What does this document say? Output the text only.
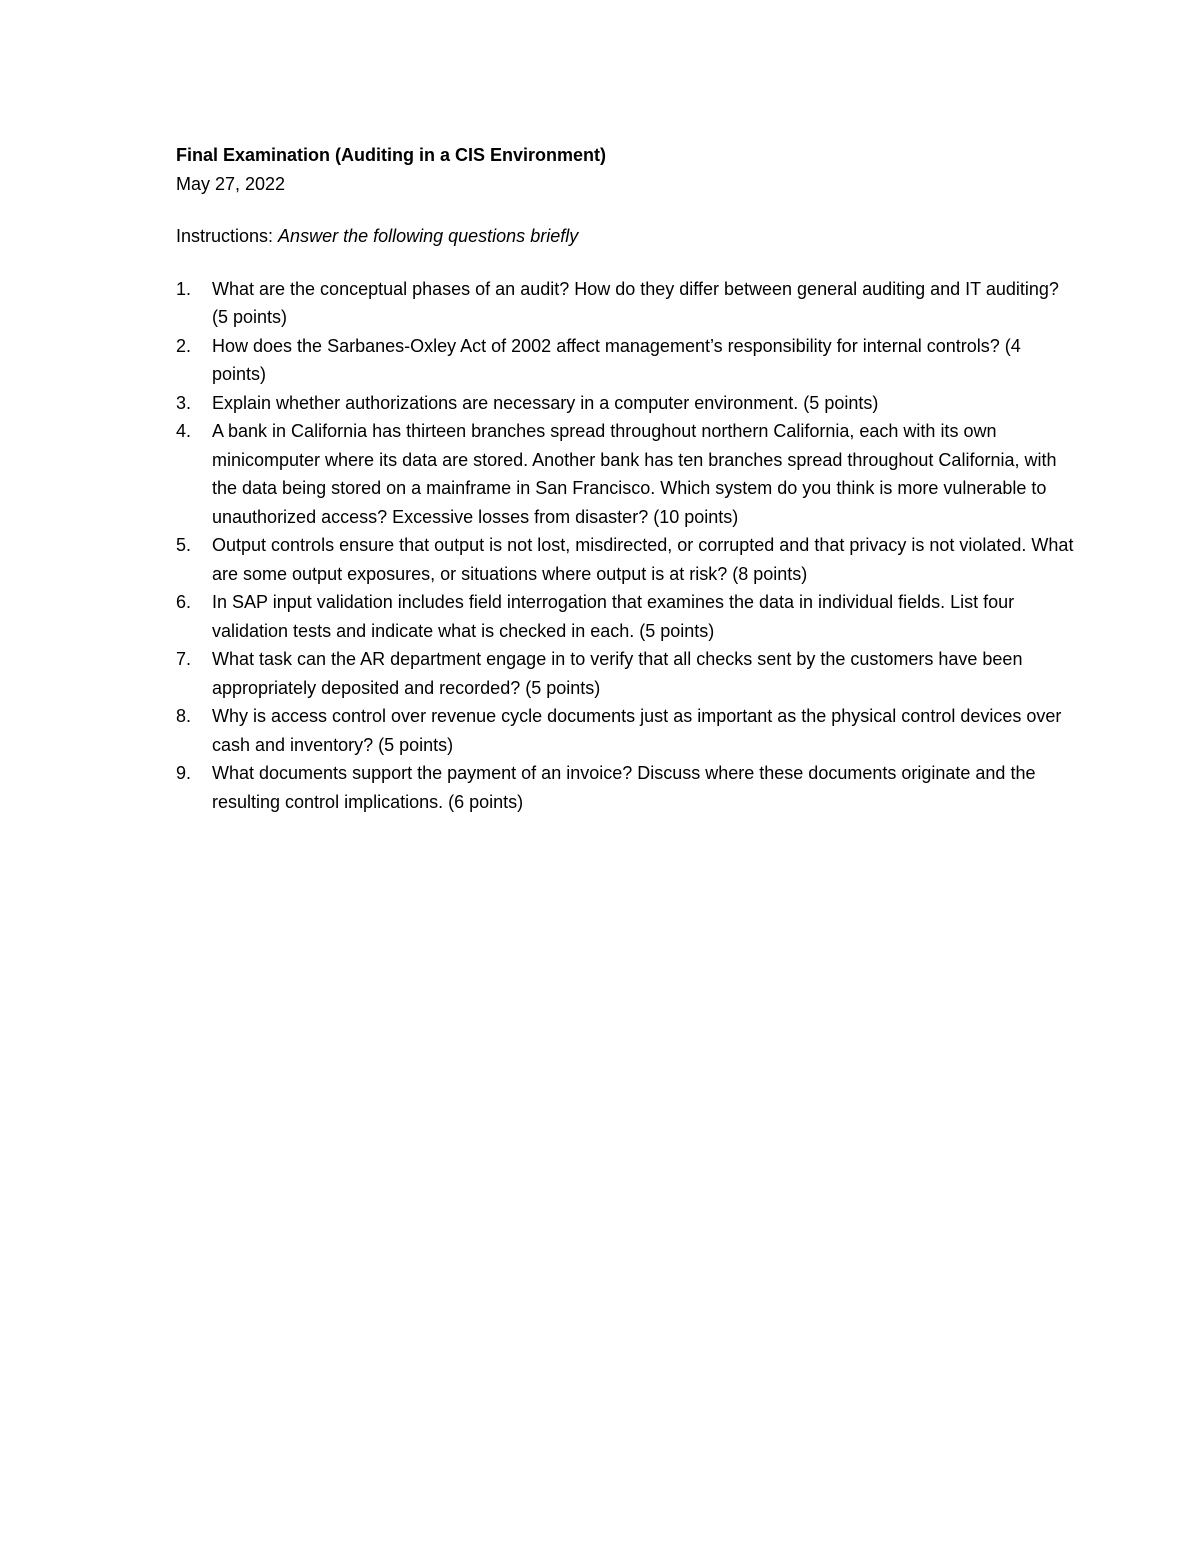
Final Examination (Auditing in a CIS Environment)

May 27, 2022

Instructions: Answer the following questions briefly

1.	What are the conceptual phases of an audit? How do they differ between general auditing and IT auditing? (5 points)
2.	How does the Sarbanes-Oxley Act of 2002 affect management’s responsibility for internal controls? (4 points)
3.	Explain whether authorizations are necessary in a computer environment. (5 points)
4.	A bank in California has thirteen branches spread throughout northern California, each with its own minicomputer where its data are stored. Another bank has ten branches spread throughout California, with the data being stored on a mainframe in San Francisco. Which system do you think is more vulnerable to unauthorized access? Excessive losses from disaster? (10 points)
5.	Output controls ensure that output is not lost, misdirected, or corrupted and that privacy is not violated. What are some output exposures, or situations where output is at risk? (8 points)
6.	In SAP input validation includes field interrogation that examines the data in individual fields. List four validation tests and indicate what is checked in each. (5 points)
7.	What task can the AR department engage in to verify that all checks sent by the customers have been appropriately deposited and recorded? (5 points)
8.	Why is access control over revenue cycle documents just as important as the physical control devices over cash and inventory? (5 points)
9.	What documents support the payment of an invoice? Discuss where these documents originate and the resulting control implications. (6 points)
